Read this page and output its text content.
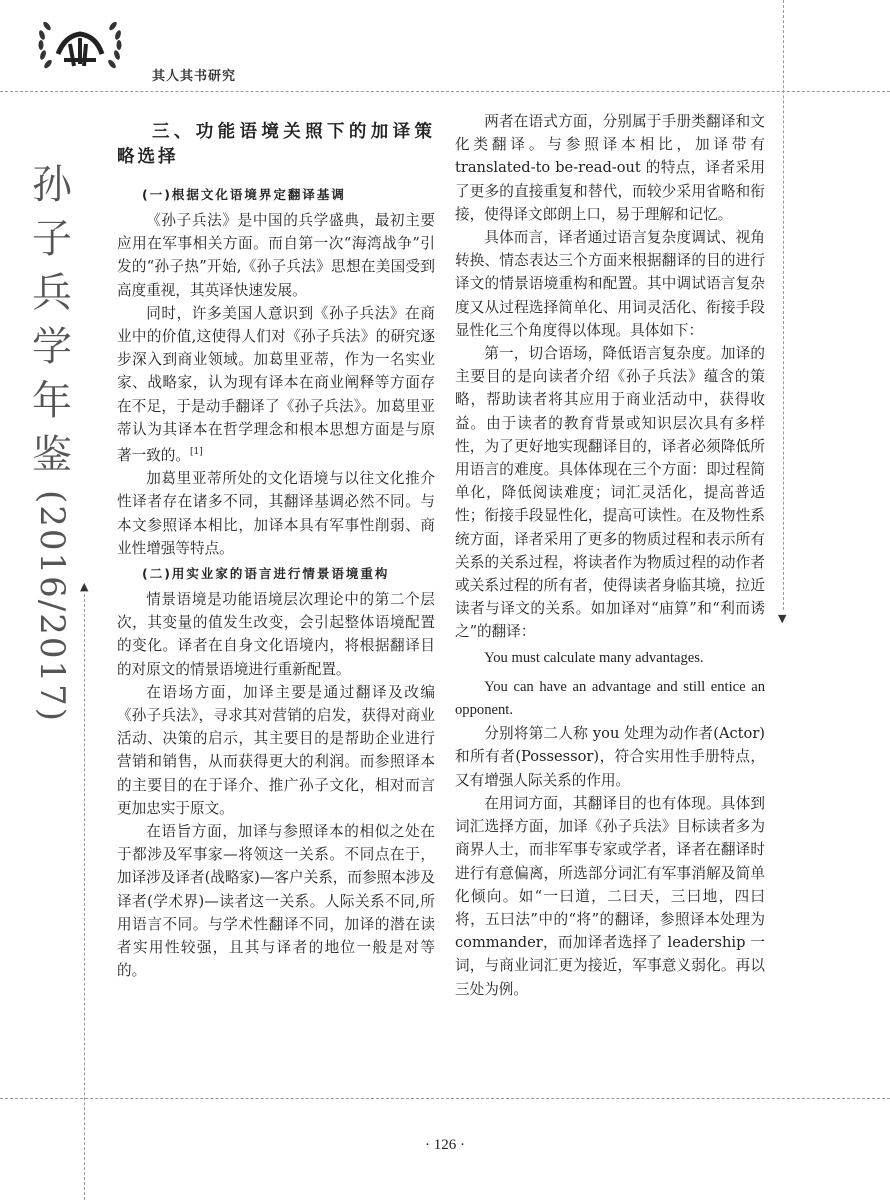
▲
▼
其人其书研究
孙
子
兵
学
年
鉴
(2016/2017)
三、功能语境关照下的加译策略选择
(一)根据文化语境界定翻译基调

《孙子兵法》是中国的兵学盛典，最初主要应用在军事相关方面。而自第一次“海湾战争”引发的“孙子热”开始,《孙子兵法》思想在美国受到高度重视，其英译快速发展。

同时，许多美国人意识到《孙子兵法》在商业中的价值,这使得人们对《孙子兵法》的研究逐步深入到商业领域。加葛里亚蒂，作为一名实业家、战略家，认为现有译本在商业阐释等方面存在不足，于是动手翻译了《孙子兵法》。加葛里亚蒂认为其译本在哲学理念和根本思想方面是与原著一致的。[1]

加葛里亚蒂所处的文化语境与以往文化推介性译者存在诸多不同，其翻译基调必然不同。与本文参照译本相比，加译本具有军事性削弱、商业性增强等特点。

(二)用实业家的语言进行情景语境重构

情景语境是功能语境层次理论中的第二个层次，其变量的值发生改变，会引起整体语境配置的变化。译者在自身文化语境内，将根据翻译目的对原文的情景语境进行重新配置。

在语场方面，加译主要是通过翻译及改编《孙子兵法》，寻求其对营销的启发，获得对商业活动、决策的启示，其主要目的是帮助企业进行营销和销售，从而获得更大的利润。而参照译本的主要目的在于译介、推广孙子文化，相对而言更加忠实于原文。

在语旨方面，加译与参照译本的相似之处在于都涉及军事家—将领这一关系。不同点在于，加译涉及译者(战略家)—客户关系，而参照本涉及译者(学术界)—读者这一关系。人际关系不同,所用语言不同。与学术性翻译不同，加译的潜在读者实用性较强，且其与译者的地位一般是对等的。

两者在语式方面，分别属于手册类翻译和文化类翻译。与参照译本相比，加译带有 translated-to be-read-out 的特点，译者采用了更多的直接重复和替代，而较少采用省略和衔接，使得译文郎朗上口，易于理解和记忆。

具体而言，译者通过语言复杂度调试、视角转换、情态表达三个方面来根据翻译的目的进行译文的情景语境重构和配置。其中调试语言复杂度又从过程选择简单化、用词灵活化、衔接手段显性化三个角度得以体现。具体如下：

第一，切合语场，降低语言复杂度。加译的主要目的是向读者介绍《孙子兵法》蕴含的策略，帮助读者将其应用于商业活动中，获得收益。由于读者的教育背景或知识层次具有多样性，为了更好地实现翻译目的，译者必须降低所用语言的难度。具体体现在三个方面：即过程简单化，降低阅读难度；词汇灵活化，提高普适性；衔接手段显性化，提高可读性。在及物性系统方面，译者采用了更多的物质过程和表示所有关系的关系过程，将读者作为物质过程的动作者或关系过程的所有者，使得读者身临其境，拉近读者与译文的关系。如加译对“庙算”和“利而诱之”的翻译：

You must calculate many advantages.

You can have an advantage and still entice an opponent.

分别将第二人称 you 处理为动作者(Actor)和所有者(Possessor)，符合实用性手册特点，又有增强人际关系的作用。

在用词方面，其翻译目的也有体现。具体到词汇选择方面，加译《孙子兵法》目标读者多为商界人士，而非军事专家或学者，译者在翻译时进行有意偏离，所选部分词汇有军事消解及简单化倾向。如“一曰道，二曰天，三曰地，四曰将，五曰法”中的“将”的翻译，参照译本处理为 commander，而加译者选择了 leadership 一词，与商业词汇更为接近，军事意义弱化。再以三处为例。

· 126 ·
